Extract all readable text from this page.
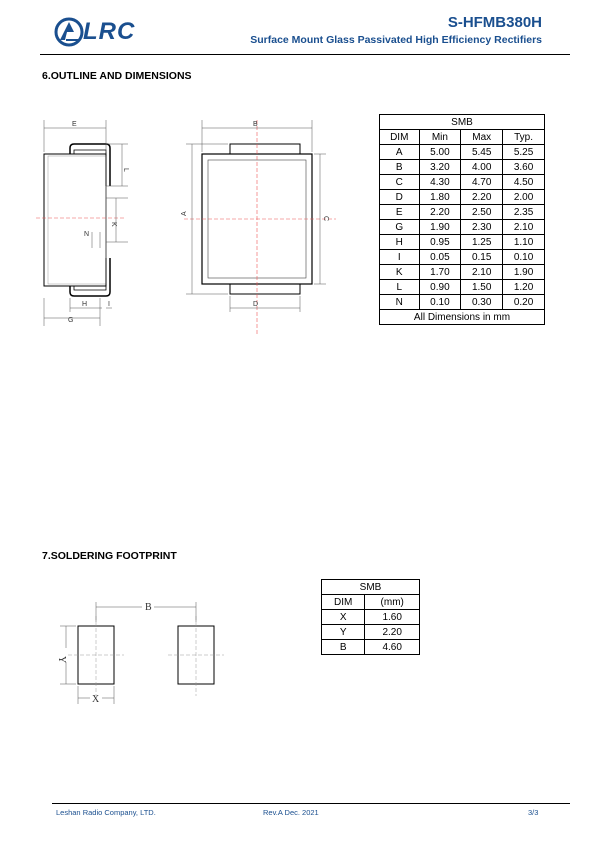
LRC	S-HFMB380H
Surface Mount Glass Passivated High Efficiency Rectifiers
6.OUTLINE AND DIMENSIONS
E
L
K
N
H	I
G
B
A
C
D
SMB			
DIM	Min	Max	Typ.
A	5.00	5.45	5.25
B	3.20	4.00	3.60
C	4.30	4.70	4.50
D	1.80	2.20	2.00
E	2.20	2.50	2.35
G	1.90	2.30	2.10
H	0.95	1.25	1.10
I	0.05	0.15	0.10
K	1.70	2.10	1.90
L	0.90	1.50	1.20
N	0.10	0.30	0.20
All Dimensions in mm			
7.SOLDERING FOOTPRINT
B
Y
X
SMB	
DIM	(mm)
X	1.60
Y	2.20
B	4.60
Leshan Radio Company, LTD.	Rev.A Dec. 2021	3/3
